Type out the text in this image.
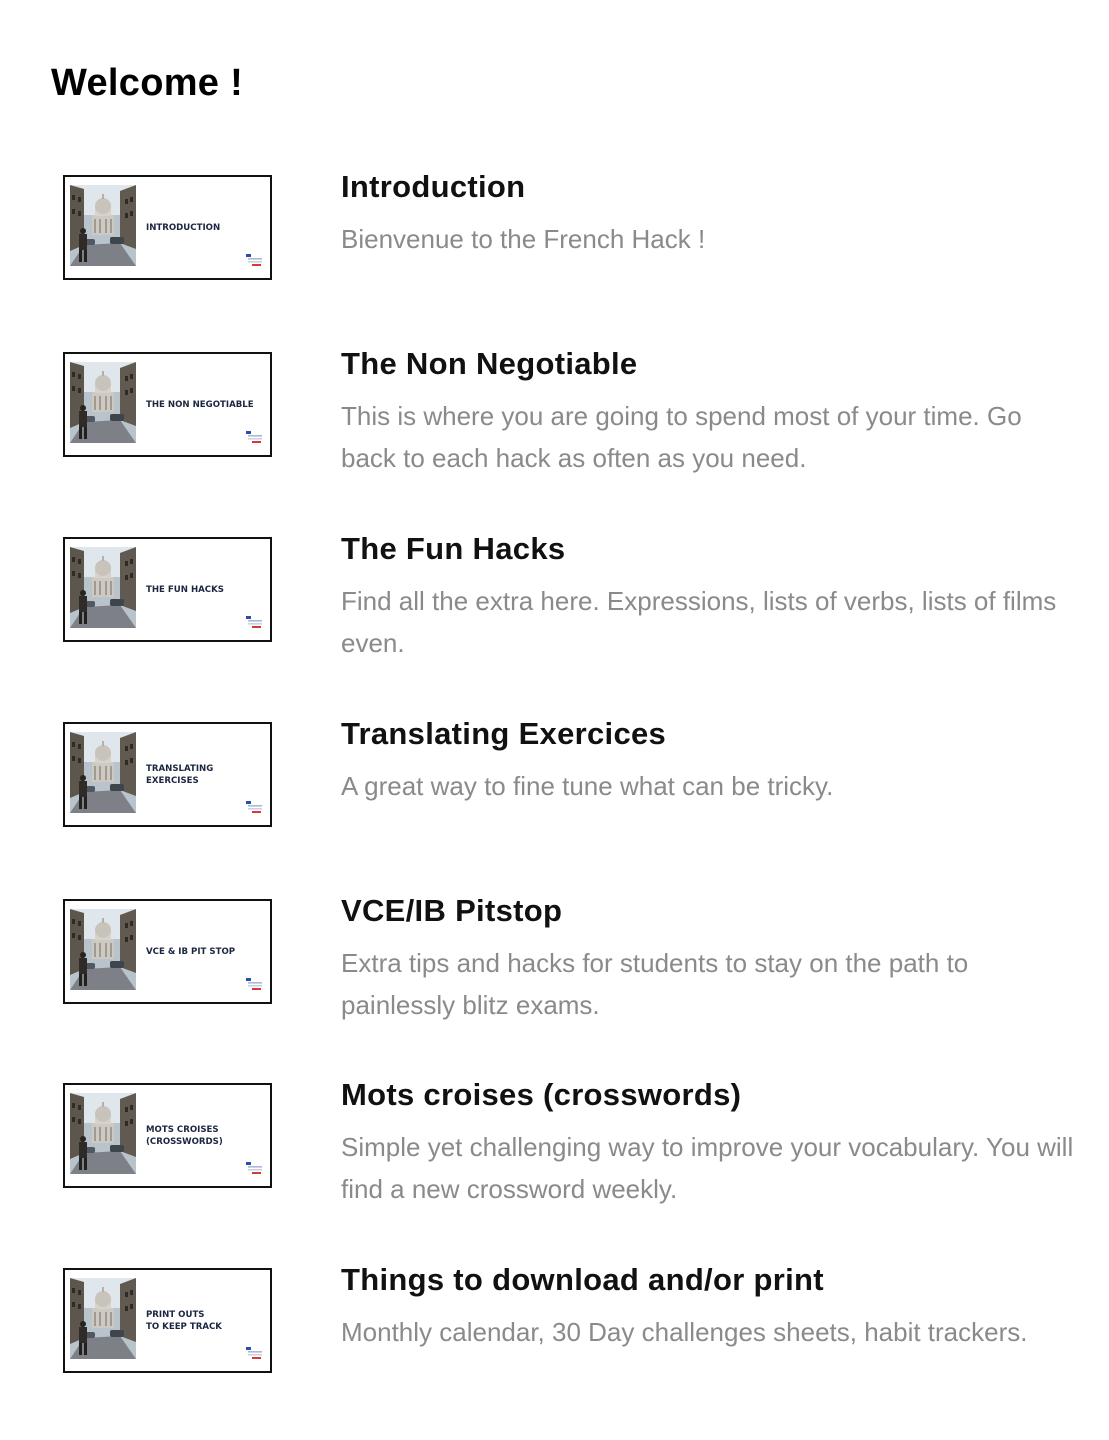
Welcome !
INTRODUCTION
Introduction

Bienvenue to the French Hack !

THE NON NEGOTIABLE
The Non Negotiable

This is where you are going to spend most of your time. Go back to each hack as often as you need.

THE FUN HACKS
The Fun Hacks

Find all the extra here. Expressions, lists of verbs, lists of films even.

TRANSLATING
EXERCISES
Translating Exercices

A great way to fine tune what can be tricky.

VCE & IB PIT STOP
VCE/IB Pitstop

Extra tips and hacks for students to stay on the path to painlessly blitz exams.

MOTS CROISES
(CROSSWORDS)
Mots croises (crosswords)

Simple yet challenging way to improve your vocabulary. You will find a new crossword weekly.

PRINT OUTS
TO KEEP TRACK
Things to download and/or print

Monthly calendar, 30 Day challenges sheets, habit trackers.
